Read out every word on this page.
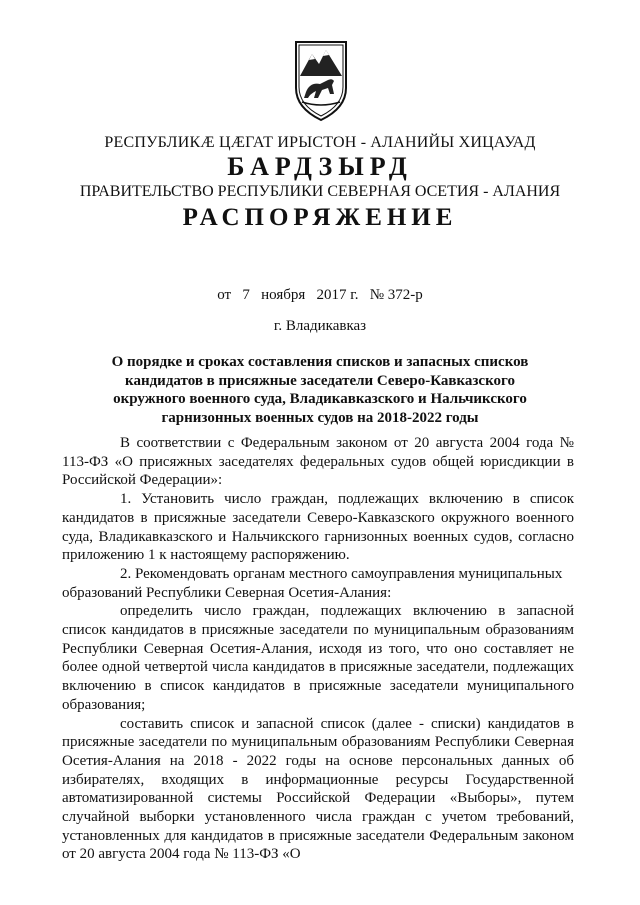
РЕСПУБЛИКӔ ЦӔГАТ ИРЫСТОН - АЛАНИЙЫ ХИЦАУАД
БАРДЗЫРД
ПРАВИТЕЛЬСТВО РЕСПУБЛИКИ СЕВЕРНАЯ ОСЕТИЯ - АЛАНИЯ
РАСПОРЯЖЕНИЕ
от   7   ноября   2017 г.   № 372-р
г. Владикавказ
О порядке и сроках составления списков и запасных списков кандидатов в присяжные заседатели Северо-Кавказского окружного военного суда, Владикавказского и Нальчикского гарнизонных военных судов на 2018-2022 годы

В соответствии с Федеральным законом от 20 августа 2004 года № 113-ФЗ «О присяжных заседателях федеральных судов общей юрисдикции в Российской Федерации»:

1. Установить число граждан, подлежащих включению в список кандидатов в присяжные заседатели Северо-Кавказского окружного военного суда, Владикавказского и Нальчикского гарнизонных военных судов, согласно приложению 1 к настоящему распоряжению.

2. Рекомендовать органам местного самоуправления муниципальных образований Республики Северная Осетия-Алания:

определить число граждан, подлежащих включению в запасной список кандидатов в присяжные заседатели по муниципальным образованиям Республики Северная Осетия-Алания, исходя из того, что оно составляет не более одной четвертой числа кандидатов в присяжные заседатели, подлежащих включению в список кандидатов в присяжные заседатели муниципального образования;

составить список и запасной список (далее - списки) кандидатов в присяжные заседатели по муниципальным образованиям Республики Северная Осетия-Алания на 2018 - 2022 годы на основе персональных данных об избирателях, входящих в информационные ресурсы Государственной автоматизированной системы Российской Федерации «Выборы», путем случайной выборки установленного числа граждан с учетом требований, установленных для кандидатов в присяжные заседатели Федеральным законом от 20 августа 2004 года № 113-ФЗ «О
